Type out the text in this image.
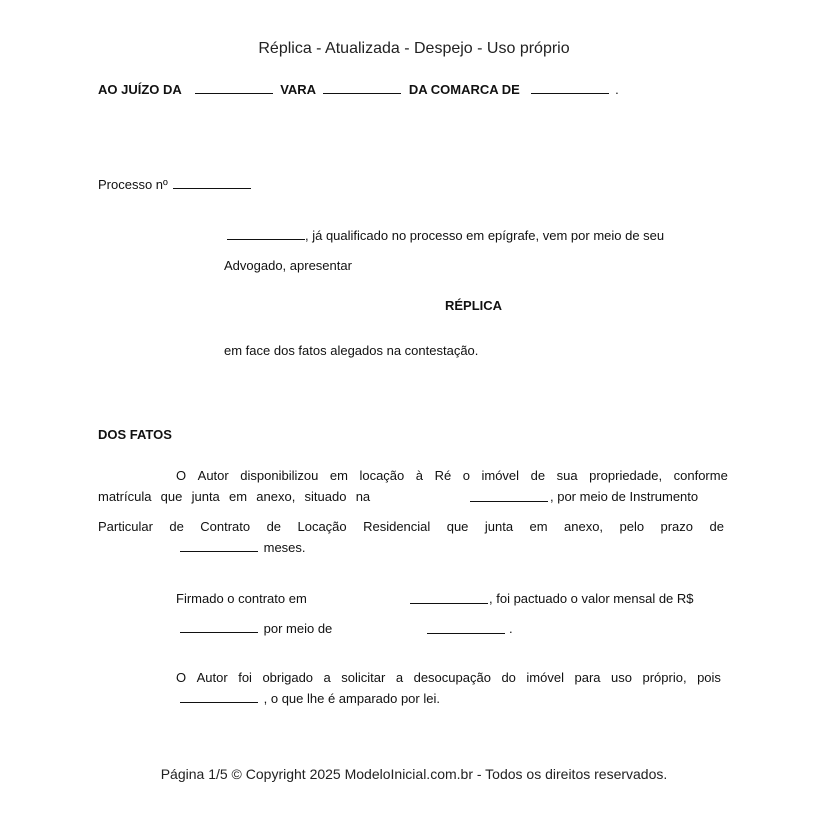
Réplica - Atualizada - Despejo - Uso próprio
AO JUÍZO DA	VARA	DA COMARCA DE	.
Processo nº
, já qualificado no processo em epígrafe, vem por meio de seu
Advogado, apresentar
RÉPLICA
em face dos fatos alegados na contestação.
DOS FATOS
O Autor disponibilizou em locação à Ré o imóvel de sua propriedade, conforme
matrícula  que  junta  em  anexo,  situado  na	, por meio de Instrumento
Particular de Contrato de Locação Residencial que junta em anexo, pelo prazo de
meses.
Firmado o contrato em	, foi pactuado o valor mensal de R$
por meio de	.
O Autor foi obrigado a solicitar a desocupação do imóvel para uso próprio, pois
, o que lhe é amparado por lei.
Página 1/5 © Copyright 2025 ModeloInicial.com.br - Todos os direitos reservados.
